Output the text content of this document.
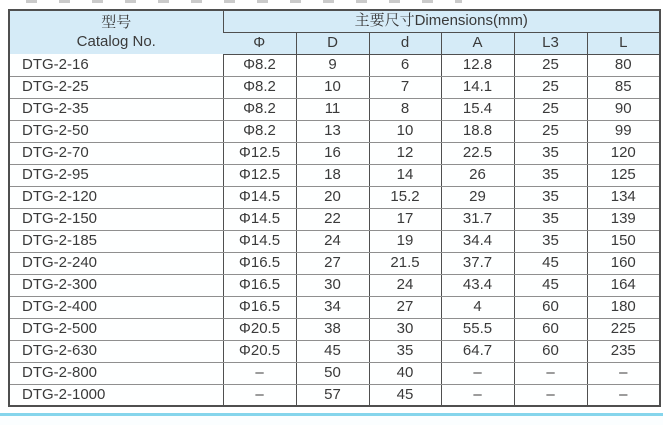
型号
Catalog No.	主要尺寸Dimensions(mm)					
	Φ	D	d	A	L3	L
DTG-2-16	Φ8.2	9	6	12.8	25	80
DTG-2-25	Φ8.2	10	7	14.1	25	85
DTG-2-35	Φ8.2	11	8	15.4	25	90
DTG-2-50	Φ8.2	13	10	18.8	25	99
DTG-2-70	Φ12.5	16	12	22.5	35	120
DTG-2-95	Φ12.5	18	14	26	35	125
DTG-2-120	Φ14.5	20	15.2	29	35	134
DTG-2-150	Φ14.5	22	17	31.7	35	139
DTG-2-185	Φ14.5	24	19	34.4	35	150
DTG-2-240	Φ16.5	27	21.5	37.7	45	160
DTG-2-300	Φ16.5	30	24	43.4	45	164
DTG-2-400	Φ16.5	34	27	4	60	180
DTG-2-500	Φ20.5	38	30	55.5	60	225
DTG-2-630	Φ20.5	45	35	64.7	60	235
DTG-2-800	–	50	40	–	–	–
DTG-2-1000	–	57	45	–	–	–
